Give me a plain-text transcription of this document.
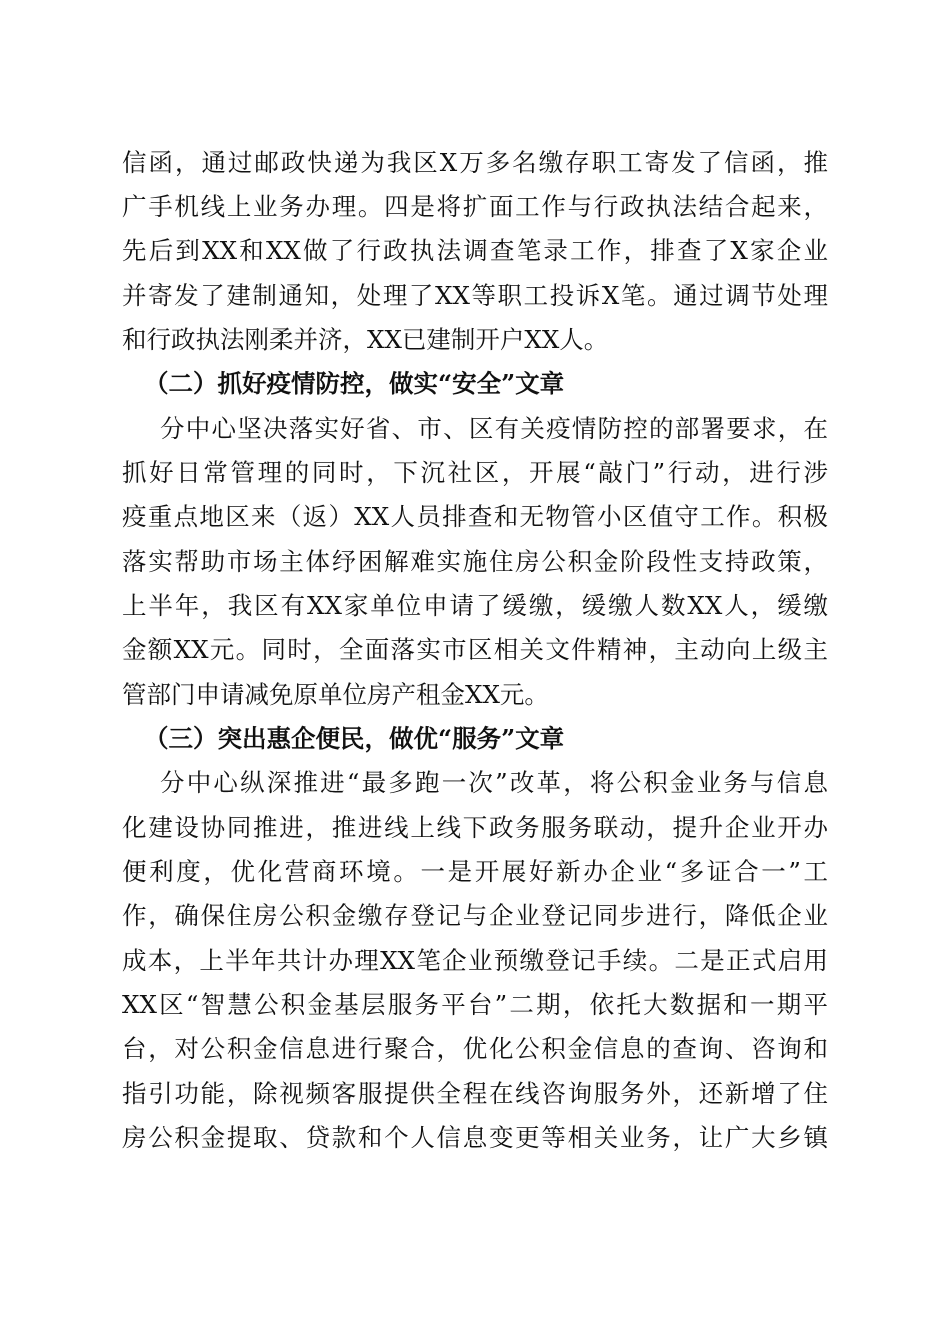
信函，通过邮政快递为我区X万多名缴存职工寄发了信函，推
广手机线上业务办理。四是将扩面工作与行政执法结合起来，
先后到XX和XX做了行政执法调查笔录工作，排查了X家企业
并寄发了建制通知，处理了XX等职工投诉X笔。通过调节处理
和行政执法刚柔并济，XX已建制开户XX人。
（二）抓好疫情防控，做实“安全”文章
分中心坚决落实好省、市、区有关疫情防控的部署要求，在
抓好日常管理的同时，下沉社区，开展“敲门”行动，进行涉
疫重点地区来（返）XX人员排查和无物管小区值守工作。积极
落实帮助市场主体纾困解难实施住房公积金阶段性支持政策，
上半年，我区有XX家单位申请了缓缴，缓缴人数XX人，缓缴
金额XX元。同时，全面落实市区相关文件精神，主动向上级主
管部门申请减免原单位房产租金XX元。
（三）突出惠企便民，做优“服务”文章
分中心纵深推进“最多跑一次”改革，将公积金业务与信息
化建设协同推进，推进线上线下政务服务联动，提升企业开办
便利度，优化营商环境。一是开展好新办企业“多证合一”工
作，确保住房公积金缴存登记与企业登记同步进行，降低企业
成本，上半年共计办理XX笔企业预缴登记手续。二是正式启用
XX区“智慧公积金基层服务平台”二期，依托大数据和一期平
台，对公积金信息进行聚合，优化公积金信息的查询、咨询和
指引功能，除视频客服提供全程在线咨询服务外，还新增了住
房公积金提取、贷款和个人信息变更等相关业务，让广大乡镇
